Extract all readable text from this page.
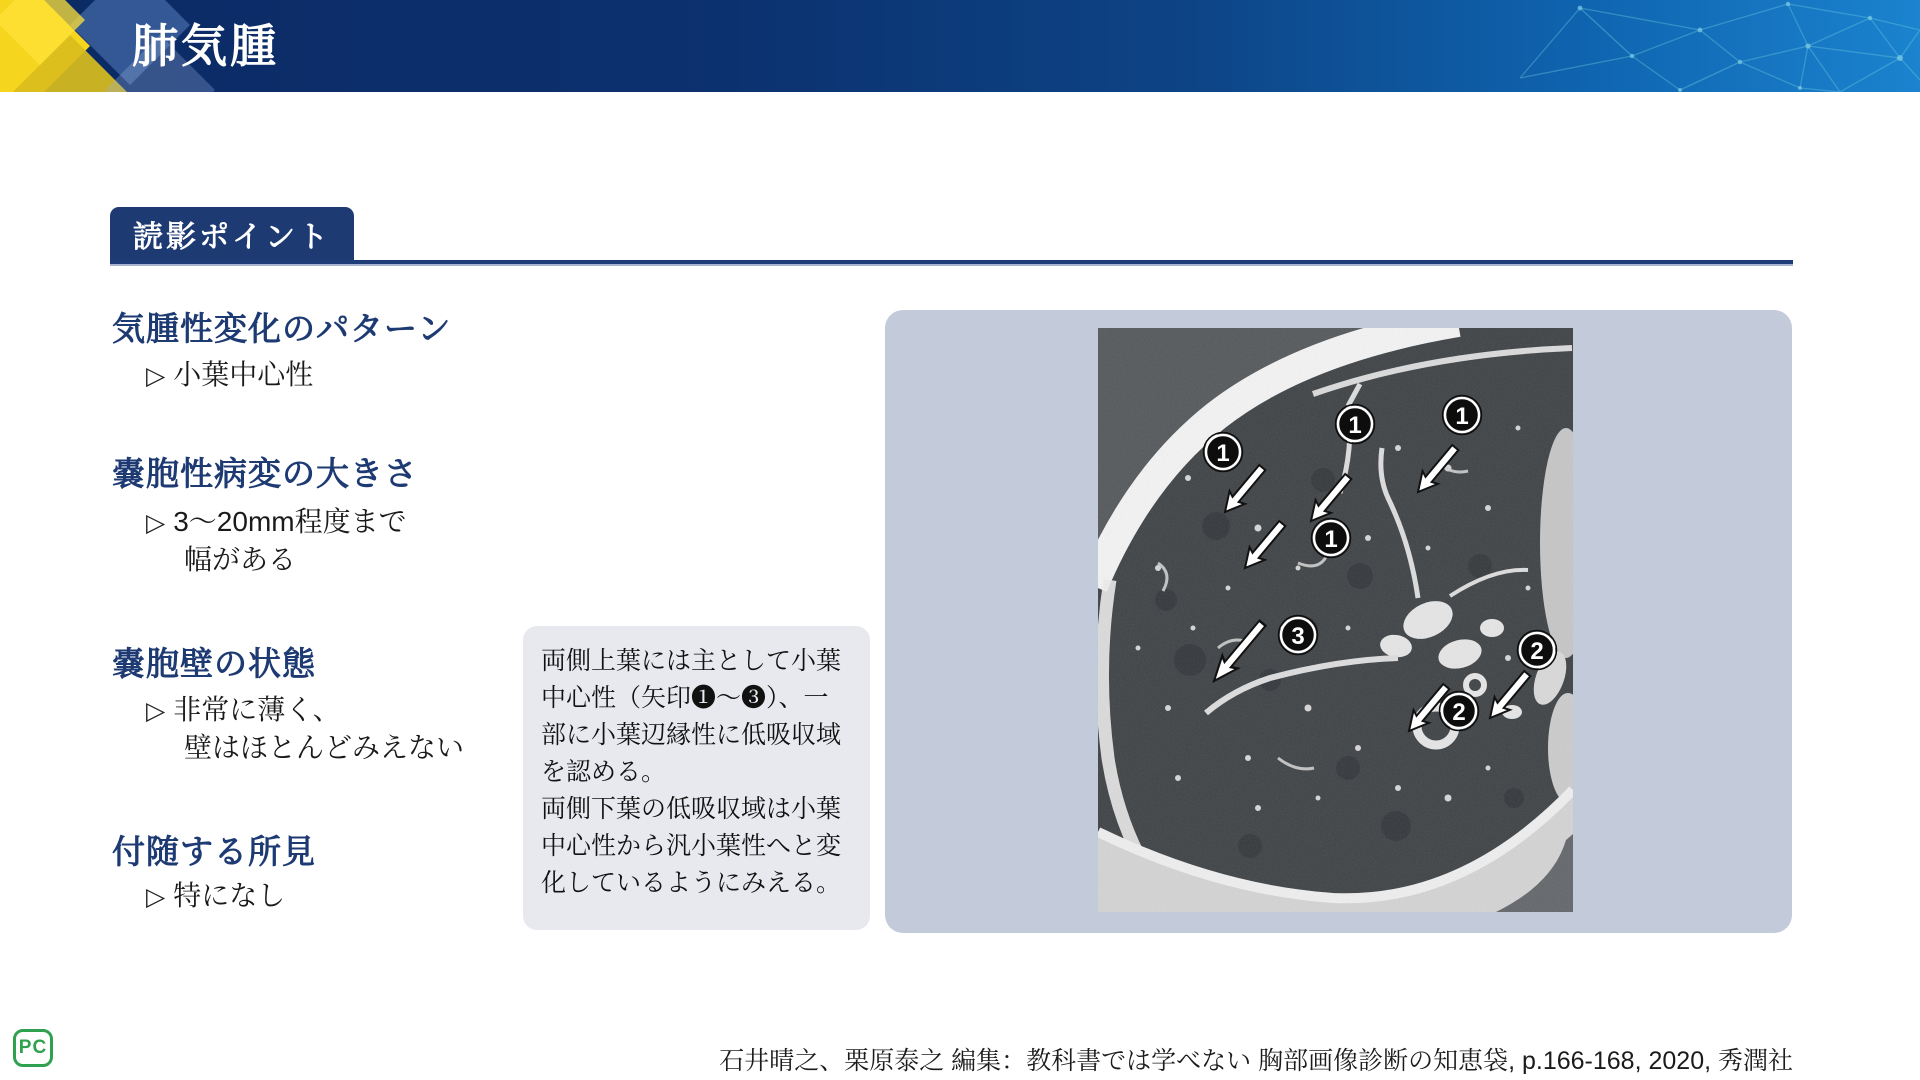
肺気腫
読影ポイント
気腫性変化のパターン

▷ 小葉中心性

嚢胞性病変の大きさ

▷ 3～20mm程度まで

幅がある

嚢胞壁の状態

▷ 非常に薄く、

壁はほとんどみえない

付随する所見

▷ 特になし

両側上葉には主として小葉中心性（矢印❶～❸）、一部に小葉辺縁性に低吸収域を認める。

両側下葉の低吸収域は小葉中心性から汎小葉性へと変化しているようにみえる。

1
1	1
1
2
3
2

石井晴之、栗原泰之 編集：教科書では学べない 胸部画像診断の知恵袋, p.166-168, 2020, 秀潤社

PC
